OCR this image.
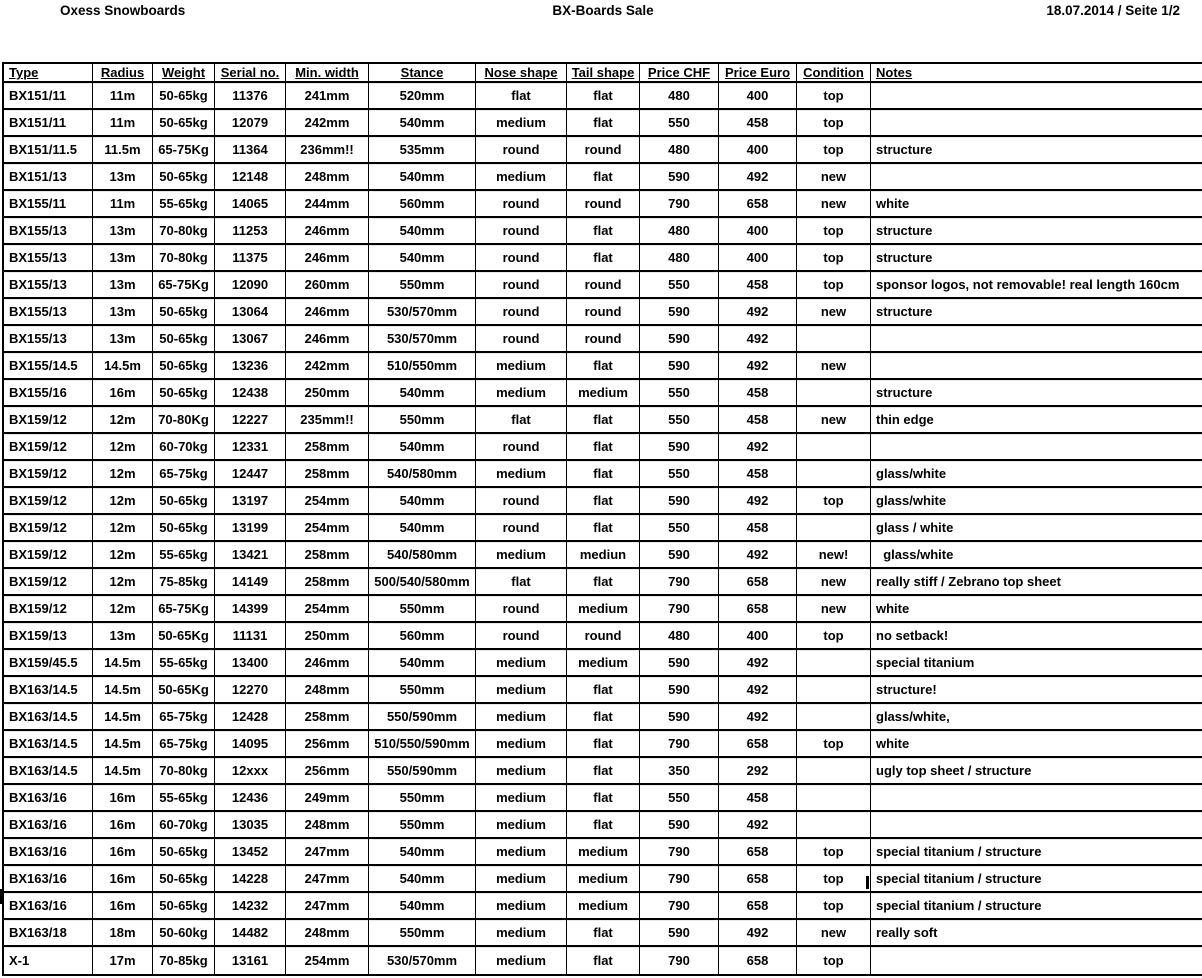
Oxess Snowboards	BX-Boards Sale	18.07.2014 / Seite 1/2
Type	Radius	Weight	Serial no.	Min. width	Stance	Nose shape	Tail shape	Price CHF	Price Euro	Condition	Notes
BX151/11	11m	50-65kg	11376	241mm	520mm	flat	flat	480	400	top	
BX151/11	11m	50-65kg	12079	242mm	540mm	medium	flat	550	458	top	
BX151/11.5	11.5m	65-75Kg	11364	236mm!!	535mm	round	round	480	400	top	structure
BX151/13	13m	50-65kg	12148	248mm	540mm	medium	flat	590	492	new	
BX155/11	11m	55-65kg	14065	244mm	560mm	round	round	790	658	new	white
BX155/13	13m	70-80kg	11253	246mm	540mm	round	flat	480	400	top	structure
BX155/13	13m	70-80kg	11375	246mm	540mm	round	flat	480	400	top	structure
BX155/13	13m	65-75Kg	12090	260mm	550mm	round	round	550	458	top	sponsor logos, not removable! real length 160cm
BX155/13	13m	50-65kg	13064	246mm	530/570mm	round	round	590	492	new	structure
BX155/13	13m	50-65kg	13067	246mm	530/570mm	round	round	590	492		
BX155/14.5	14.5m	50-65kg	13236	242mm	510/550mm	medium	flat	590	492	new	
BX155/16	16m	50-65kg	12438	250mm	540mm	medium	medium	550	458		structure
BX159/12	12m	70-80Kg	12227	235mm!!	550mm	flat	flat	550	458	new	thin edge
BX159/12	12m	60-70kg	12331	258mm	540mm	round	flat	590	492		
BX159/12	12m	65-75kg	12447	258mm	540/580mm	medium	flat	550	458		glass/white
BX159/12	12m	50-65kg	13197	254mm	540mm	round	flat	590	492	top	glass/white
BX159/12	12m	50-65kg	13199	254mm	540mm	round	flat	550	458		glass / white
BX159/12	12m	55-65kg	13421	258mm	540/580mm	medium	mediun	590	492	new!	glass/white
BX159/12	12m	75-85kg	14149	258mm	500/540/580mm	flat	flat	790	658	new	really stiff / Zebrano top sheet
BX159/12	12m	65-75Kg	14399	254mm	550mm	round	medium	790	658	new	white
BX159/13	13m	50-65Kg	11131	250mm	560mm	round	round	480	400	top	no setback!
BX159/45.5	14.5m	55-65kg	13400	246mm	540mm	medium	medium	590	492		special titanium
BX163/14.5	14.5m	50-65Kg	12270	248mm	550mm	medium	flat	590	492		structure!
BX163/14.5	14.5m	65-75kg	12428	258mm	550/590mm	medium	flat	590	492		glass/white,
BX163/14.5	14.5m	65-75kg	14095	256mm	510/550/590mm	medium	flat	790	658	top	white
BX163/14.5	14.5m	70-80kg	12xxx	256mm	550/590mm	medium	flat	350	292		ugly top sheet / structure
BX163/16	16m	55-65kg	12436	249mm	550mm	medium	flat	550	458		
BX163/16	16m	60-70kg	13035	248mm	550mm	medium	flat	590	492		
BX163/16	16m	50-65kg	13452	247mm	540mm	medium	medium	790	658	top	special titanium / structure
BX163/16	16m	50-65kg	14228	247mm	540mm	medium	medium	790	658	top	special titanium / structure
BX163/16	16m	50-65kg	14232	247mm	540mm	medium	medium	790	658	top	special titanium / structure
BX163/18	18m	50-60kg	14482	248mm	550mm	medium	flat	590	492	new	really soft
X-1	17m	70-85kg	13161	254mm	530/570mm	medium	flat	790	658	top	
